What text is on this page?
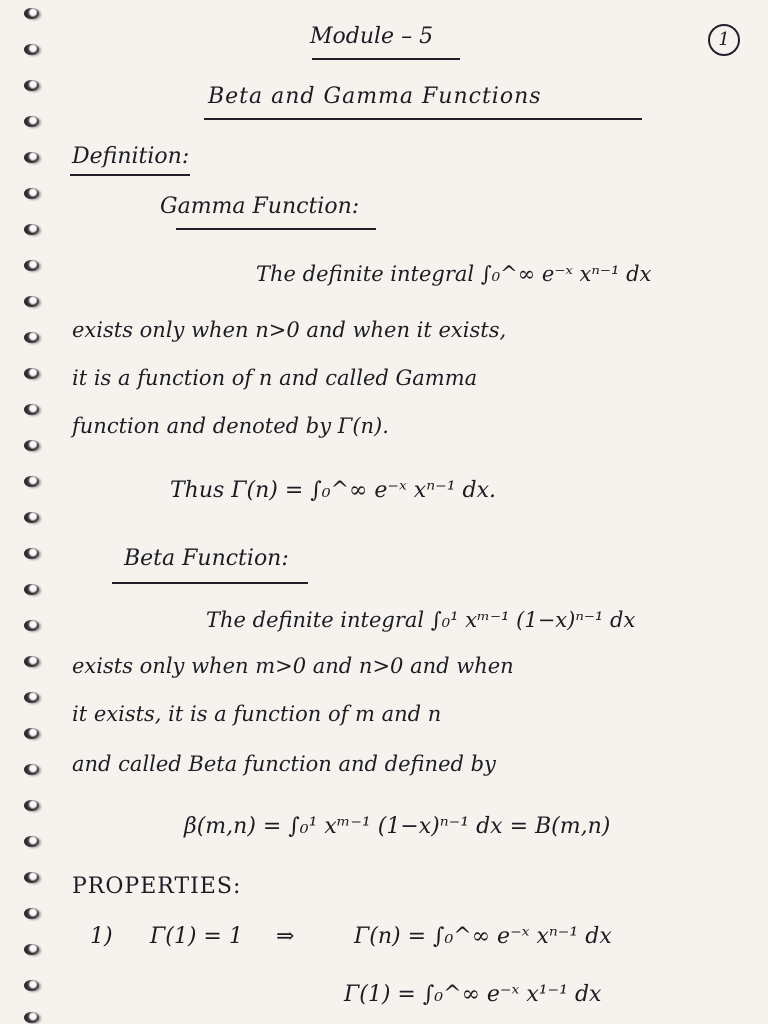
Module – 5	1
Beta and Gamma Functions
Definition:
Gamma Function:
The definite integral ∫₀^∞ e⁻ˣ xⁿ⁻¹ dx
exists only when n>0 and when it exists,
it is a function of n and called Gamma
function and denoted by Γ(n).
Thus Γ(n) = ∫₀^∞ e⁻ˣ xⁿ⁻¹ dx.
Beta Function:
The definite integral ∫₀¹ xᵐ⁻¹ (1−x)ⁿ⁻¹ dx
exists only when m>0 and n>0 and when
it exists, it is a function of m and n
and called Beta function and defined by
β(m,n) = ∫₀¹ xᵐ⁻¹ (1−x)ⁿ⁻¹ dx = B(m,n)
PROPERTIES:
1) Γ(1) = 1 ⇒	Γ(n) = ∫₀^∞ e⁻ˣ xⁿ⁻¹ dx
Γ(1) = ∫₀^∞ e⁻ˣ x¹⁻¹ dx
